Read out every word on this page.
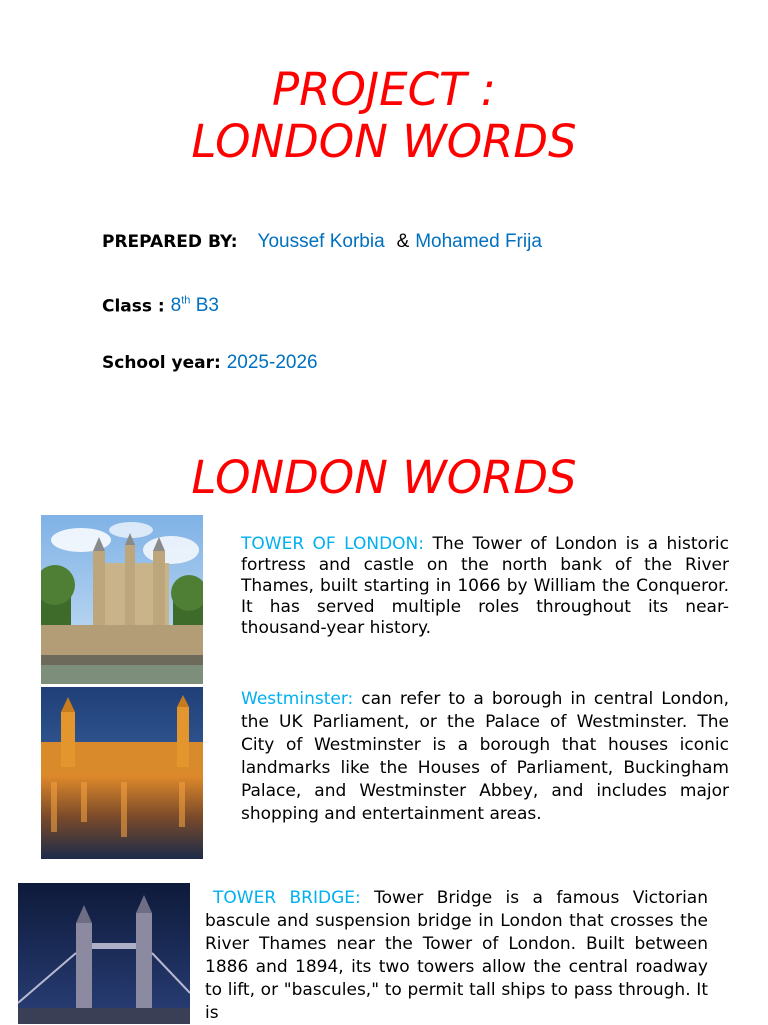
PROJECT :
LONDON WORDS
PREPARED BY: Youssef Korbia & Mohamed Frija
Class : 8th B3
School year: 2025-2026
LONDON WORDS
TOWER OF LONDON: The Tower of London is a historic fortress and castle on the north bank of the River Thames, built starting in 1066 by William the Conqueror. It has served multiple roles throughout its near-thousand-year history.
Westminster: can refer to a borough in central London, the UK Parliament, or the Palace of Westminster. The City of Westminster is a borough that houses iconic landmarks like the Houses of Parliament, Buckingham Palace, and Westminster Abbey, and includes major shopping and entertainment areas.
TOWER BRIDGE: Tower Bridge is a famous Victorian bascule and suspension bridge in London that crosses the River Thames near the Tower of London. Built between 1886 and 1894, its two towers allow the central roadway to lift, or "bascules," to permit tall ships to pass through. It is
